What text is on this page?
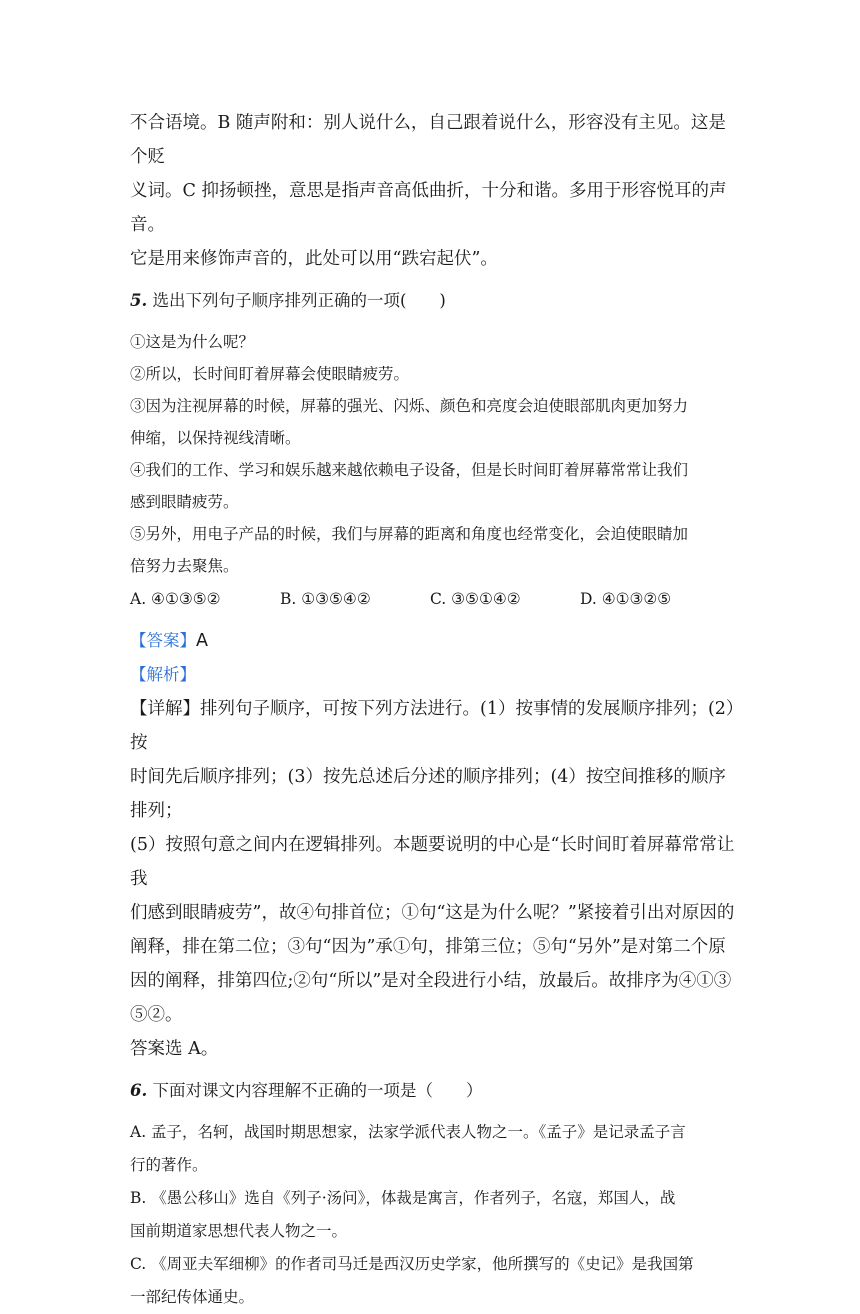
不合语境。B 随声附和：别人说什么，自己跟着说什么，形容没有主见。这是个贬

义词。C 抑扬顿挫，意思是指声音高低曲折，十分和谐。多用于形容悦耳的声音。

它是用来修饰声音的，此处可以用“跌宕起伏”。

5. 选出下列句子顺序排列正确的一项(　　)

①这是为什么呢？

②所以，长时间盯着屏幕会使眼睛疲劳。

③因为注视屏幕的时候，屏幕的强光、闪烁、颜色和亮度会迫使眼部肌肉更加努力

伸缩，以保持视线清晰。

④我们的工作、学习和娱乐越来越依赖电子设备，但是长时间盯着屏幕常常让我们

感到眼睛疲劳。

⑤另外，用电子产品的时候，我们与屏幕的距离和角度也经常变化，会迫使眼睛加

倍努力去聚焦。

A. ④①③⑤②	B. ①③⑤④②	C. ③⑤①④②	D. ④①③②⑤

【答案】A

【解析】

【详解】排列句子顺序，可按下列方法进行。(1）按事情的发展顺序排列；(2）按

时间先后顺序排列；(3）按先总述后分述的顺序排列；(4）按空间推移的顺序排列；

(5）按照句意之间内在逻辑排列。本题要说明的中心是“长时间盯着屏幕常常让我

们感到眼睛疲劳”，故④句排首位；①句“这是为什么呢？”紧接着引出对原因的

阐释，排在第二位；③句“因为”承①句，排第三位；⑤句“另外”是对第二个原

因的阐释，排第四位;②句“所以”是对全段进行小结，放最后。故排序为④①③⑤②。

答案选 A。

6. 下面对课文内容理解不正确的一项是（　　）

A. 孟子，名轲，战国时期思想家，法家学派代表人物之一。《孟子》是记录孟子言

行的著作。

B. 《愚公移山》选自《列子·汤问》，体裁是寓言，作者列子，名寇，郑国人，战

国前期道家思想代表人物之一。

C. 《周亚夫军细柳》的作者司马迁是西汉历史学家，他所撰写的《史记》是我国第

一部纪传体通史。
